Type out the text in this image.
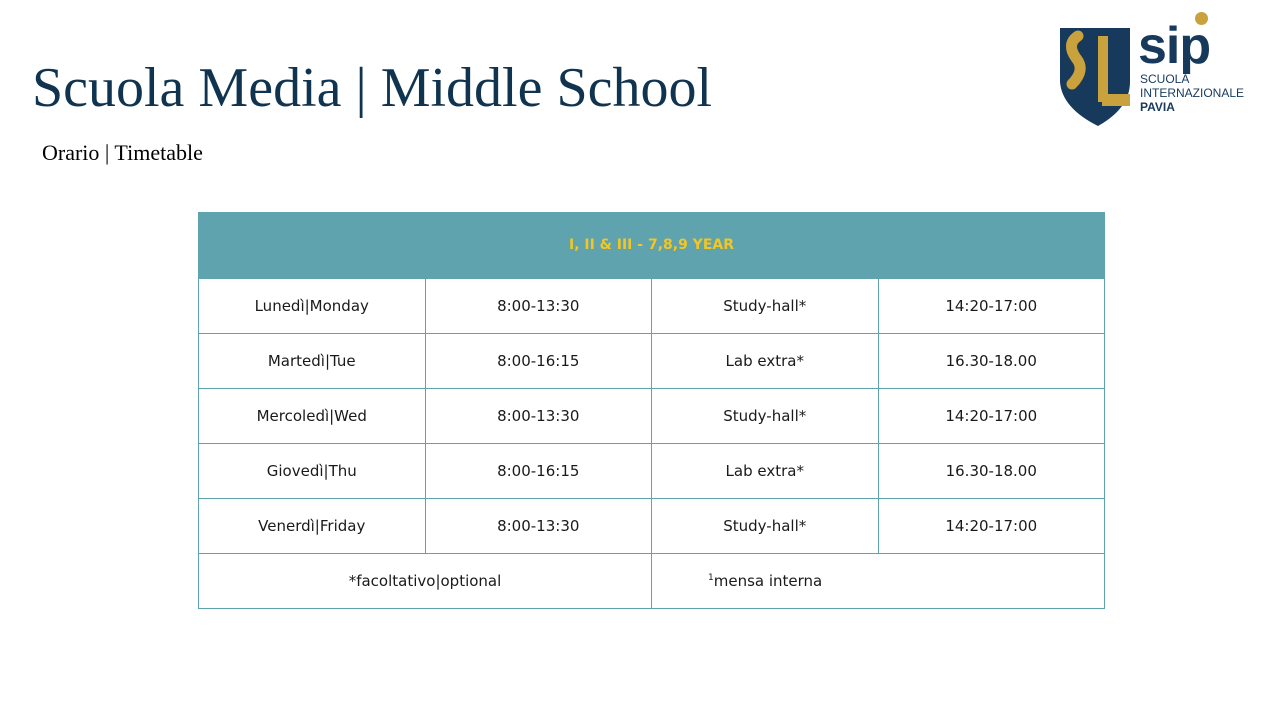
Scuola Media | Middle School
Orario | Timetable
sip
SCUOLA
INTERNAZIONALE
PAVIA
I, II & III - 7,8,9 YEAR			
Lunedì|Monday	8:00-13:30	Study-hall*	14:20-17:00
Martedì|Tue	8:00-16:15	Lab extra*	16.30-18.00
Mercoledì|Wed	8:00-13:30	Study-hall*	14:20-17:00
Giovedì|Thu	8:00-16:15	Lab extra*	16.30-18.00
Venerdì|Friday	8:00-13:30	Study-hall*	14:20-17:00
*facoltativo|optional		$^1$mensa interna	
